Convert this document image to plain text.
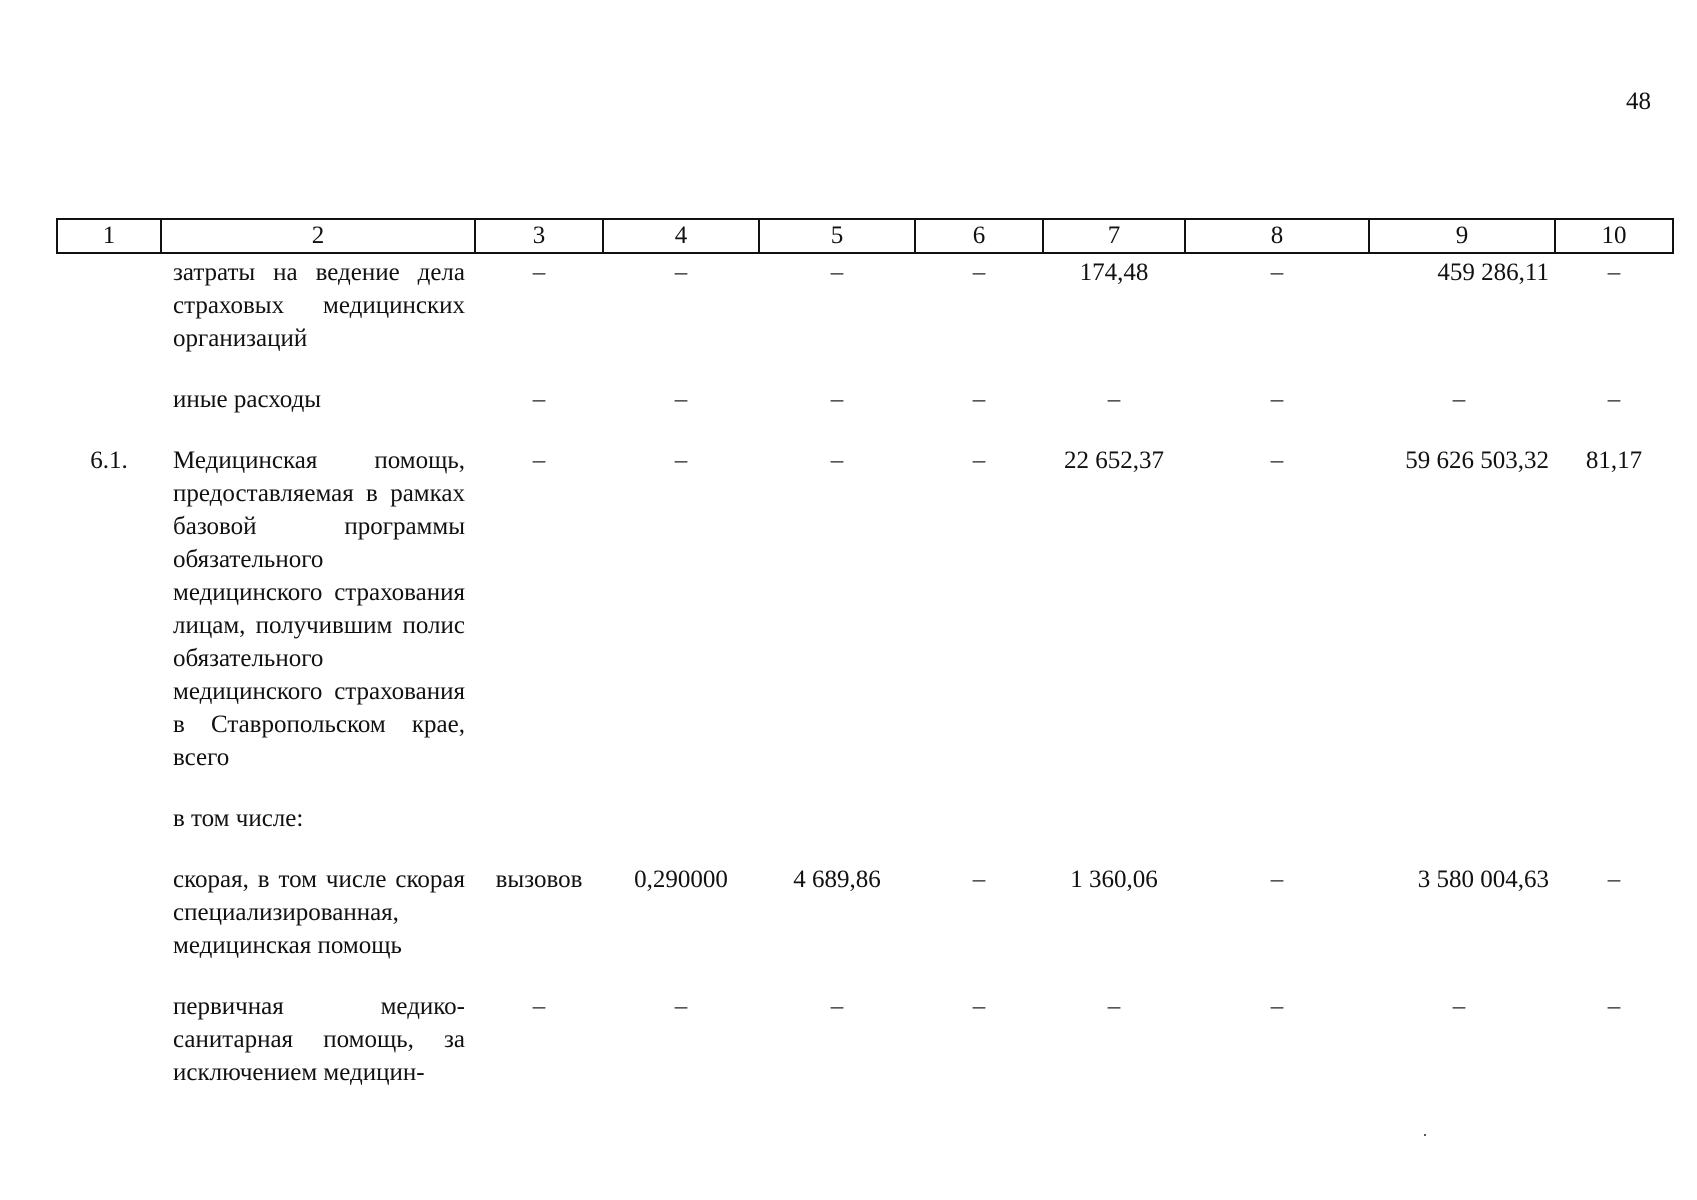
48
1	2	3	4	5	6	7	8	9	10
	затраты на ведение дела страховых медицинских организаций	–	–	–	–	174,48	–	459 286,11	–
	иные расходы	–	–	–	–	–	–	–	–
6.1.	Медицинская помощь, предоставляемая в рамках базовой программы обязательного медицинского страхования лицам, получившим полис обязательного медицинского страхования в Ставропольском крае, всего	–	–	–	–	22 652,37	–	59 626 503,32	81,17
	в том числе:								
	скорая, в том числе скорая специализированная, медицинская помощь	вызовов	0,290000	4 689,86	–	1 360,06	–	3 580 004,63	–
	первичная медико-санитарная помощь, за исключением медицин-	–	–	–	–	–	–	–	–
